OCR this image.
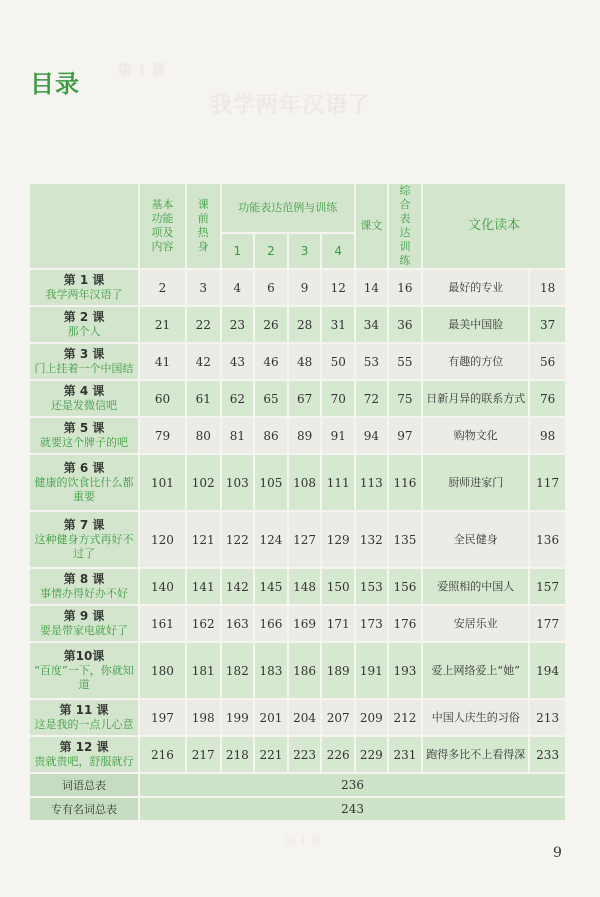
第 1 课
我学两年汉语了
第 1 课
目录

	基本功能项及内容	课前热身	功能表达范例与训练				课文	综合表达训练	文化读本	
			1	2	3	4				

第 1 课
我学两年汉语了	2	3	4	6	9	12	14	16	最好的专业	18

第 2 课
那个人	21	22	23	26	28	31	34	36	最美中国脸	37

第 3 课
门上挂着一个中国结	41	42	43	46	48	50	53	55	有趣的方位	56

第 4 课
还是发微信吧	60	61	62	65	67	70	72	75	日新月异的联系方式	76

第 5 课
就要这个牌子的吧	79	80	81	86	89	91	94	97	购物文化	98

第 6 课
健康的饮食比什么都重要	101	102	103	105	108	111	113	116	厨师进家门	117

第 7 课
这种健身方式再好不过了	120	121	122	124	127	129	132	135	全民健身	136

第 8 课
事情办得好办不好	140	141	142	145	148	150	153	156	爱照相的中国人	157

第 9 课
要是带家电就好了	161	162	163	166	169	171	173	176	安居乐业	177

第10课
“百度”一下，你就知道	180	181	182	183	186	189	191	193	爱上网络爱上“她”	194

第 11 课
这是我的一点儿心意	197	198	199	201	204	207	209	212	中国人庆生的习俗	213

第 12 课
贵就贵吧，舒服就行	216	217	218	221	223	226	229	231	跑得多比不上看得深	233
词语总表	236									
专有名词总表	243									
9
